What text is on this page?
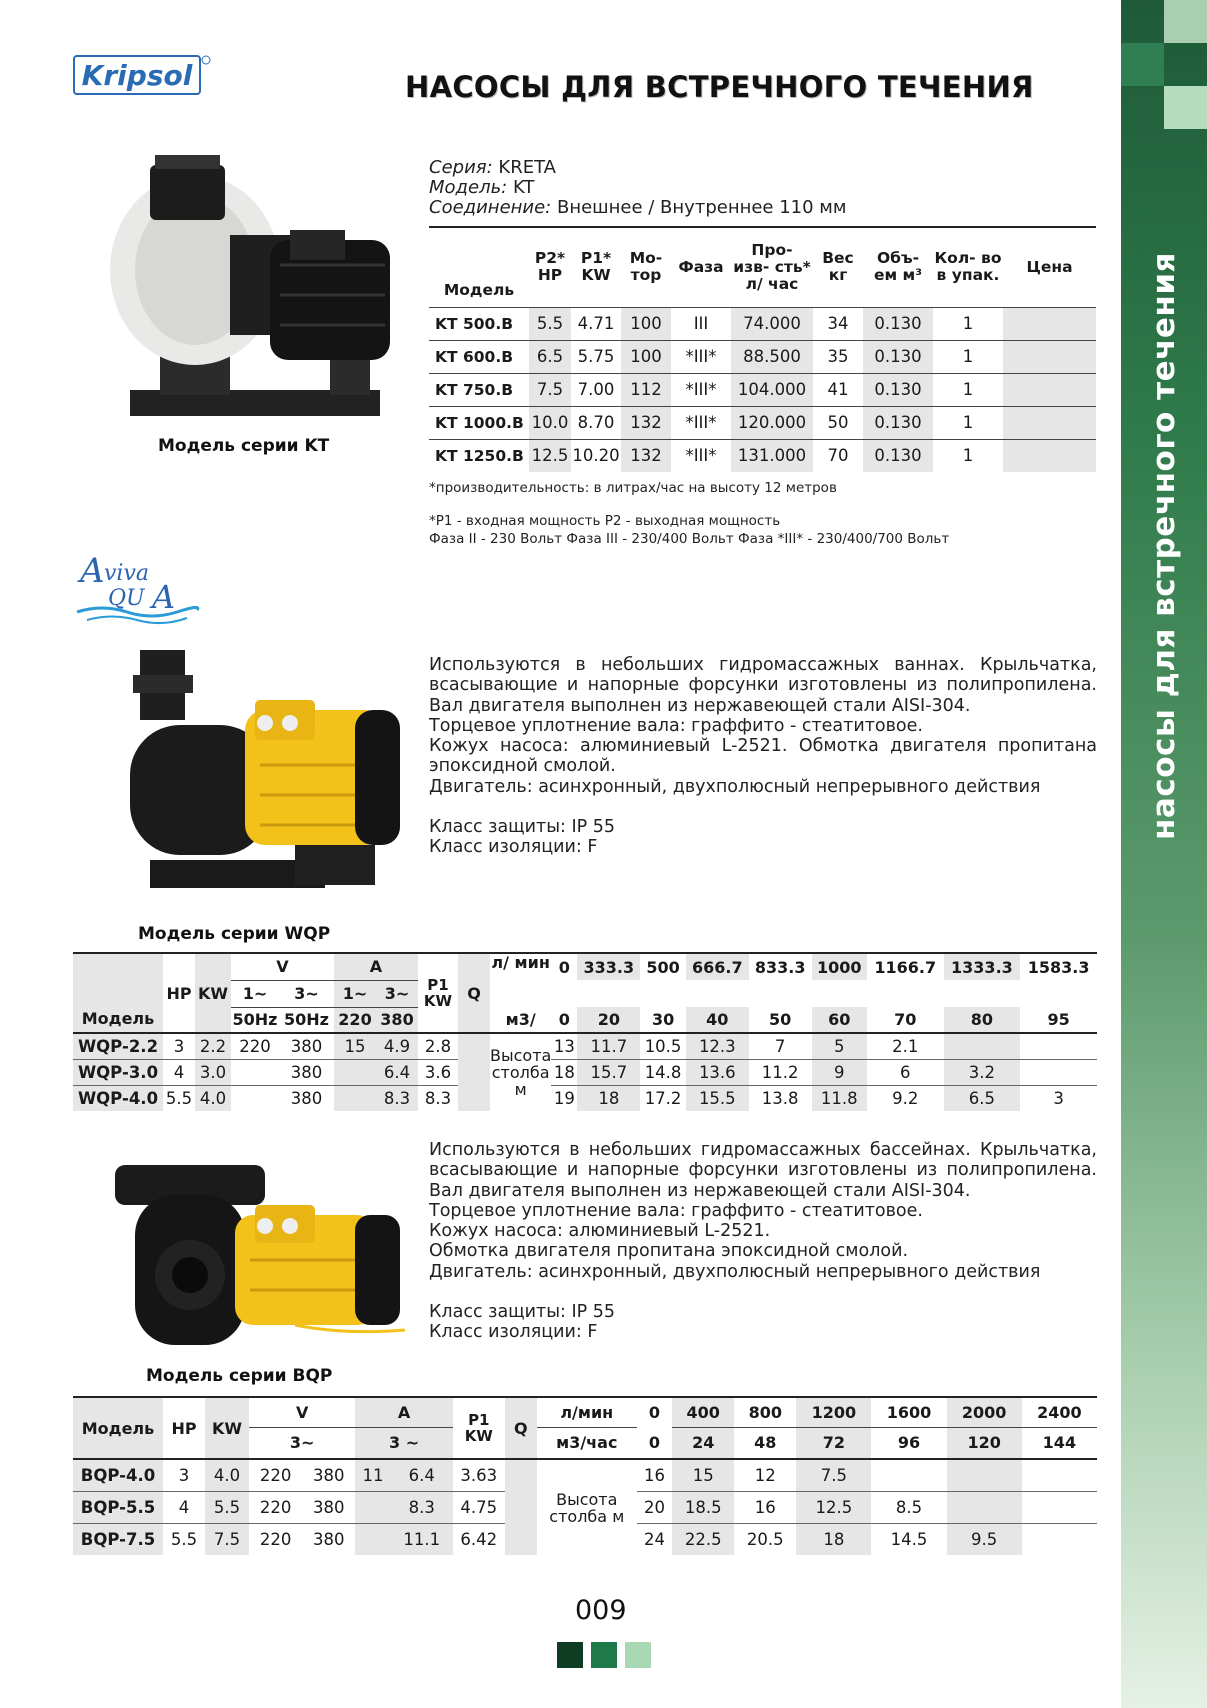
насосы для встречного течения
Kripsol	НАСОСЫ ДЛЯ ВСТРЕЧНОГО ТЕЧЕНИЯ
Модель серии KT
Серия: KRETA
Модель: KT
Соединение: Внешнее / Внутреннее 110 мм
Модель	P2* HP	P1* KW	Мо- тор	Фаза	Про- изв- сть* л/ час	Вес кг	Объ- ем м³	Кол- во в упак.	Цена
KT 500.B	5.5	4.71	100	III	74.000	34	0.130	1	
KT 600.B	6.5	5.75	100	*III*	88.500	35	0.130	1	
KT 750.B	7.5	7.00	112	*III*	104.000	41	0.130	1	
KT 1000.B	10.0	8.70	132	*III*	120.000	50	0.130	1	
KT 1250.B	12.5	10.20	132	*III*	131.000	70	0.130	1	
*производительность: в литрах/час на высоту 12 метров
*P1 - входная мощность P2 - выходная мощность
Фаза II - 230 Вольт Фаза III - 230/400 Вольт Фаза *III* - 230/400/700 Вольт
A viva
QU A
Модель серии WQP
Используются в небольших гидромассажных ваннах. Крыльчатка, всасывающие и напорные форсунки изготовлены из полипропилена. Вал двигателя выполнен из нержавеющей стали AISI-304.
Торцевое уплотнение вала: граффито - стеатитовое.
Кожух насоса: алюминиевый L-2521. Обмотка двигателя пропитана эпоксидной смолой.
Двигатель: асинхронный, двухполюсный непрерывного действия
Класс защиты: IP 55
Класс изоляции: F
Модель	HP	KW	V		A		P1 KW	Q	л/ мин	0	333.3	500	666.7	833.3	1000	1166.7	1333.3	1583.3
			1~	3~	1~	3~												
			50Hz	50Hz	220	380			м3/	0	20	30	40	50	60	70	80	95
WQP-2.2	3	2.2	220	380	15	4.9	2.8		Высота столба м	13	11.7	10.5	12.3	7	5	2.1		
WQP-3.0	4	3.0		380		6.4	3.6			18	15.7	14.8	13.6	11.2	9	6	3.2	
WQP-4.0	5.5	4.0		380		8.3	8.3			19	18	17.2	15.5	13.8	11.8	9.2	6.5	3
Модель серии BQP
Используются в небольших гидромассажных бассейнах. Крыльчатка, всасывающие и напорные форсунки изготовлены из полипропилена. Вал двигателя выполнен из нержавеющей стали AISI-304.
Торцевое уплотнение вала: граффито - стеатитовое.
Кожух насоса: алюминиевый L-2521.
Обмотка двигателя пропитана эпоксидной смолой.
Двигатель: асинхронный, двухполюсный непрерывного действия
Класс защиты: IP 55
Класс изоляции: F
Модель	HP	KW	V		A		P1 KW	Q	л/мин	0	400	800	1200	1600	2000	2400
			3~		3 ~				м3/час	0	24	48	72	96	120	144
BQP-4.0	3	4.0	220	380	11	6.4	3.63		Высота столба м	16	15	12	7.5			
BQP-5.5	4	5.5	220	380		8.3	4.75			20	18.5	16	12.5	8.5		
BQP-7.5	5.5	7.5	220	380		11.1	6.42			24	22.5	20.5	18	14.5	9.5	
009
